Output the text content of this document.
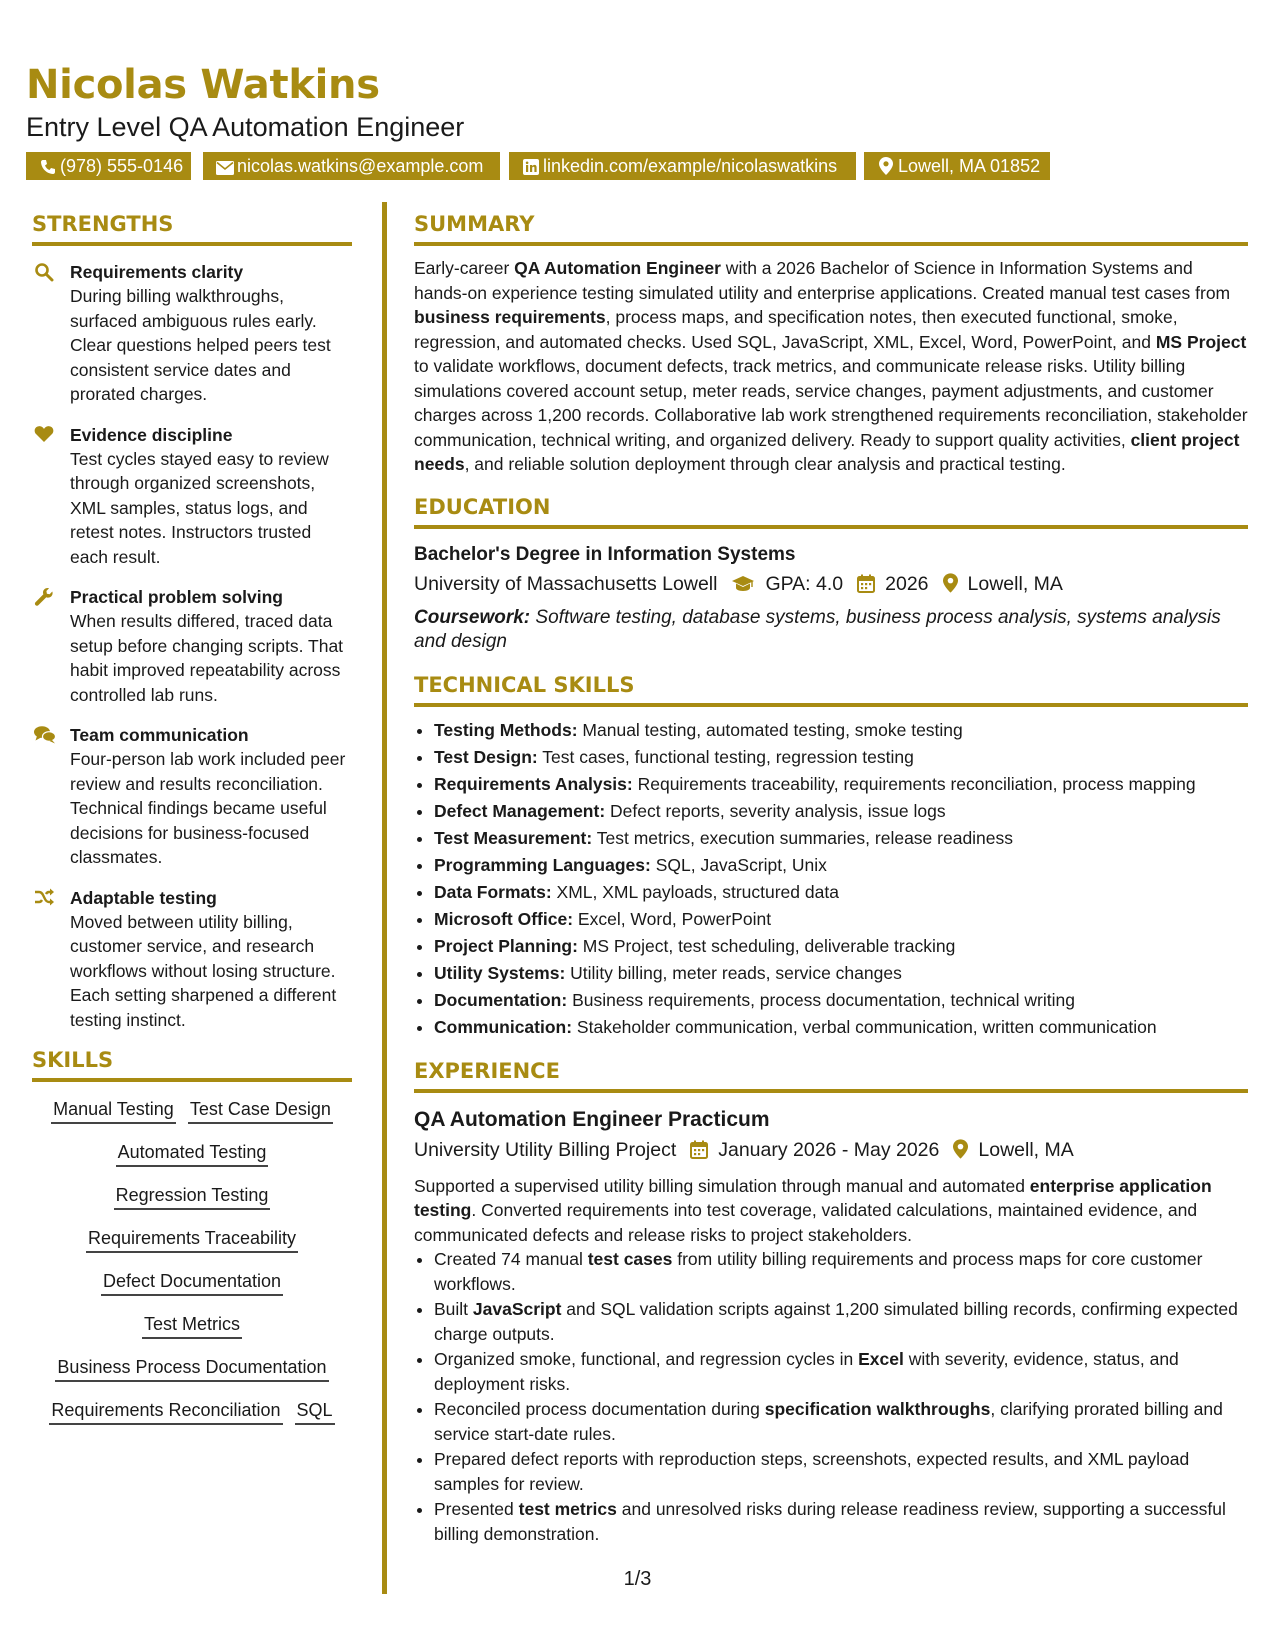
Nicolas Watkins
Entry Level QA Automation Engineer
(978) 555-0146	nicolas.watkins@example.com	linkedin.com/example/nicolaswatkins	Lowell, MA 01852
STRENGTHS

Requirements clarity

During billing walkthroughs, surfaced ambiguous rules early. Clear questions helped peers test consistent service dates and prorated charges.

Evidence discipline

Test cycles stayed easy to review through organized screenshots, XML samples, status logs, and retest notes. Instructors trusted each result.

Practical problem solving

When results differed, traced data setup before changing scripts. That habit improved repeatability across controlled lab runs.

Team communication

Four-person lab work included peer review and results reconciliation. Technical findings became useful decisions for business-focused classmates.

Adaptable testing

Moved between utility billing, customer service, and research workflows without losing structure. Each setting sharpened a different testing instinct.

SKILLS
Manual Testing Test Case Design
Automated Testing
Regression Testing
Requirements Traceability
Defect Documentation
Test Metrics
Business Process Documentation
Requirements Reconciliation SQL
SUMMARY

Early-career QA Automation Engineer with a 2026 Bachelor of Science in Information Systems and hands-on experience testing simulated utility and enterprise applications. Created manual test cases from business requirements, process maps, and specification notes, then executed functional, smoke, regression, and automated checks. Used SQL, JavaScript, XML, Excel, Word, PowerPoint, and MS Project to validate workflows, document defects, track metrics, and communicate release risks. Utility billing simulations covered account setup, meter reads, service changes, payment adjustments, and customer charges across 1,200 records. Collaborative lab work strengthened requirements reconciliation, stakeholder communication, technical writing, and organized delivery. Ready to support quality activities, client project needs, and reliable solution deployment through clear analysis and practical testing.

EDUCATION

Bachelor's Degree in Information Systems

University of Massachusetts Lowell GPA: 4.0 2026 Lowell, MA

Coursework: Software testing, database systems, business process analysis, systems analysis and design

TECHNICAL SKILLS
• Testing Methods: Manual testing, automated testing, smoke testing
• Test Design: Test cases, functional testing, regression testing
• Requirements Analysis: Requirements traceability, requirements reconciliation, process mapping
• Defect Management: Defect reports, severity analysis, issue logs
• Test Measurement: Test metrics, execution summaries, release readiness
• Programming Languages: SQL, JavaScript, Unix
• Data Formats: XML, XML payloads, structured data
• Microsoft Office: Excel, Word, PowerPoint
• Project Planning: MS Project, test scheduling, deliverable tracking
• Utility Systems: Utility billing, meter reads, service changes
• Documentation: Business requirements, process documentation, technical writing
• Communication: Stakeholder communication, verbal communication, written communication
EXPERIENCE

QA Automation Engineer Practicum

University Utility Billing Project January 2026 - May 2026 Lowell, MA

Supported a supervised utility billing simulation through manual and automated enterprise application testing. Converted requirements into test coverage, validated calculations, maintained evidence, and communicated defects and release risks to project stakeholders.

• Created 74 manual test cases from utility billing requirements and process maps for core customer workflows.
• Built JavaScript and SQL validation scripts against 1,200 simulated billing records, confirming expected charge outputs.
• Organized smoke, functional, and regression cycles in Excel with severity, evidence, status, and deployment risks.
• Reconciled process documentation during specification walkthroughs, clarifying prorated billing and service start-date rules.
• Prepared defect reports with reproduction steps, screenshots, expected results, and XML payload samples for review.
• Presented test metrics and unresolved risks during release readiness review, supporting a successful billing demonstration.
1/3
